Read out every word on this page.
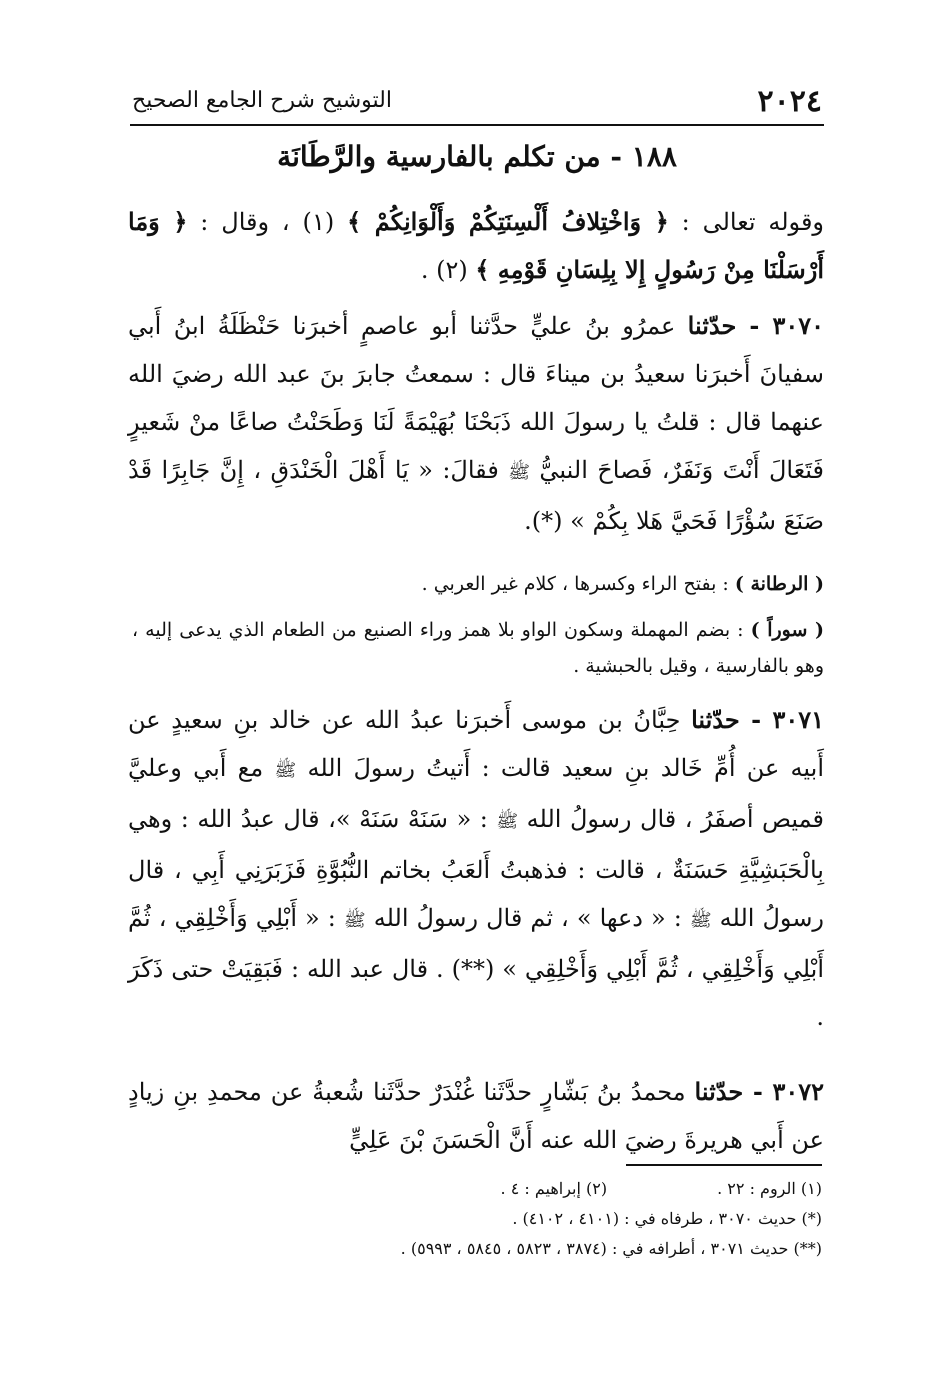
٢٠٢٤
التوشيح شرح الجامع الصحيح
١٨٨ - من تكلم بالفارسية والرَّطَانَة
وقوله تعالى : ﴿ وَاخْتِلافُ أَلْسِنَتِكُمْ وَأَلْوَانِكُمْ ﴾ (١) ، وقال : ﴿ وَمَا أَرْسَلْنَا مِنْ رَسُولٍ إِلا بِلِسَانِ قَوْمِهِ ﴾ (٢) .
٣٠٧٠ - حدّثنا عمرُو بنُ عليٍّ حدَّثنا أبو عاصمٍ أخبرَنا حَنْظَلَةُ ابنُ أَبي سفيانَ أَخبرَنا سعيدُ بن ميناءَ قال : سمعتُ جابرَ بنَ عبد الله رضيَ الله عنهما قال : قلتُ يا رسولَ الله ذَبَحْنَا بُهَيْمَةً لَنَا وَطَحَنْتُ صاعًا منْ شَعيرٍ فَتَعَالَ أَنْتَ وَنَفَرٌ، فَصاحَ النبيُّ ﷺ فقالَ: « يَا أَهْلَ الْخَنْدَقِ ، إِنَّ جَابِرًا قَدْ صَنَعَ سُؤْرًا فَحَيَّ هَلا بِكُمْ » (*).
( الرطانة ) : بفتح الراء وكسرها ، كلام غير العربي .
( سوراً ) : بضم المهملة وسكون الواو بلا همز وراء الصنيع من الطعام الذي يدعى إليه ، وهو بالفارسية ، وقيل بالحبشية .
٣٠٧١ - حدّثنا حِبَّانُ بن موسى أَخبرَنا عبدُ الله عن خالد بنِ سعيدٍ عن أَبيه عن أُمِّ خَالد بنِ سعيد قالت : أَتيتُ رسولَ الله ﷺ مع أَبي وعليَّ قميص أصفَرُ ، قال رسولُ الله ﷺ : « سَنَهْ سَنَهْ »، قال عبدُ الله : وهي بِالْحَبَشِيَّةِ حَسَنَةٌ ، قالت : فذهبتُ أَلعَبُ بخاتم النُّبُوَّةِ فَزَبَرَنِي أَبِي ، قال رسولُ الله ﷺ : « دعها » ، ثم قال رسولُ الله ﷺ : « أَبْلِي وَأَخْلِقِي ، ثُمَّ أَبْلِي وَأَخْلِقِي ، ثُمَّ أَبْلِي وَأَخْلِقِي » (**) . قال عبد الله : فَبَقِيَتْ حتى ذَكَرَ .
٣٠٧٢ - حدّثنا محمدُ بنُ بَشّارٍ حدَّثَنا غُنْدَرٌ حدَّثَنا شُعبةُ عن محمدِ بنِ زيادٍ عن أَبي هريرةَ رضيَ الله عنه أَنَّ الْحَسَنَ بْنَ عَلِيٍّ
(١) الروم : ٢٢ .(٢) إبراهيم : ٤ .
(*) حديث ٣٠٧٠ ، طرفاه في : (٤١٠١ ، ٤١٠٢) .
(**) حديث ٣٠٧١ ، أطرافه في : (٣٨٧٤ ، ٥٨٢٣ ، ٥٨٤٥ ، ٥٩٩٣) .
